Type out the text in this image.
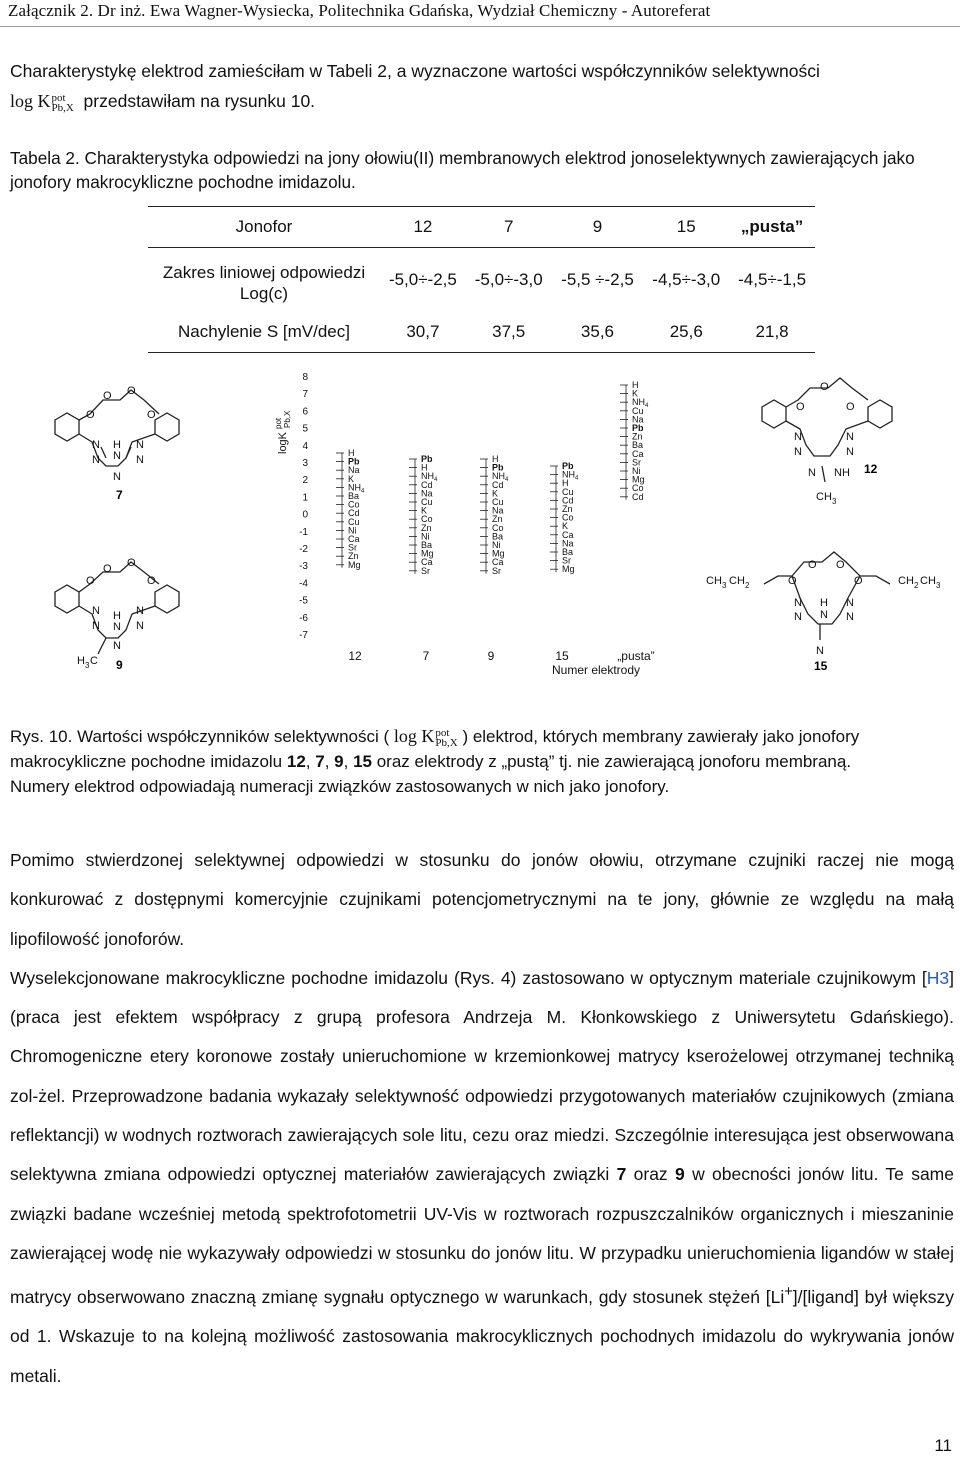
Załącznik 2. Dr inż. Ewa Wagner-Wysiecka, Politechnika Gdańska, Wydział Chemiczny - Autoreferat
Charakterystykę elektrod zamieściłam w Tabeli 2, a wyznaczone wartości współczynników selektywności
log K pot
Pb,X przedstawiłam na rysunku 10.
Tabela 2. Charakterystyka odpowiedzi na jony ołowiu(II) membranowych elektrod jonoselektywnych zawierających jako jonofory makrocykliczne pochodne imidazolu.
Jonofor	12	7	9	15	„pusta”

Zakres liniowej odpowiedzi
Log(c)	-5,0÷-2,5	-5,0÷-3,0	-5,5 ÷-2,5	-4,5÷-3,0	-4,5÷-1,5
Nachylenie S [mV/dec]	30,7	37,5	35,6	25,6	21,8
O
O
O
O
N
N
H
N
N
N
N
7
O
O O
O
N
N
H
N
N
N
N
H 3 C 9
O
O
O
N
N
N
N
N NH
CH 3
12
CH 3 CH 2	O
O O
O	CH 2 CH 3
N
N
H
N
N
N
N
15
8
7
6
5
4
3
2
1
0
-1
-2
-3
-4
-5
-6
-7
logK$^{pot}$ Pb,X
H
Pb
Na
K
$NH_4$
Ba
Co
Cd
Cu
Ni
Ca
Sr
Zn
Mg
Pb
H
$NH_4$
Cd
Na
Cu
K
Co
Zn
Ni
Ba
Mg
Ca
Sr
H
Pb
$NH_4$
Cd
K
Cu
Na
Zn
Co
Ba
Ni
Mg
Ca
Sr
Pb
$NH_4$
H
Cu
Cd
Zn
Co
K
Ca
Na
Ba
Sr
Mg
H
K
$NH_4$
Cu
Na
Pb
Zn
Ba
Ca
Sr
Ni
Mg
Co
Cd
12	7	9	15	„pusta”
Numer elektrody
Rys. 10. Wartości współczynników selektywności ( log K pot
Pb,X ) elektrod, których membrany zawierały jako jonofory
makrocykliczne pochodne imidazolu 12, 7, 9, 15 oraz elektrody z „pustą” tj. nie zawierającą jonoforu membraną.
Numery elektrod odpowiadają numeracji związków zastosowanych w nich jako jonofory.

Pomimo stwierdzonej selektywnej odpowiedzi w stosunku do jonów ołowiu, otrzymane czujniki raczej nie mogą konkurować z dostępnymi komercyjnie czujnikami potencjometrycznymi na te jony, głównie ze względu na małą lipofilowość jonoforów.

Wyselekcjonowane makrocykliczne pochodne imidazolu (Rys. 4) zastosowano w optycznym materiale czujnikowym [H3] (praca jest efektem współpracy z grupą profesora Andrzeja M. Kłonkowskiego z Uniwersytetu Gdańskiego). Chromogeniczne etery koronowe zostały unieruchomione w krzemionkowej matrycy kserożelowej otrzymanej techniką zol-żel. Przeprowadzone badania wykazały selektywność odpowiedzi przygotowanych materiałów czujnikowych (zmiana reflektancji) w wodnych roztworach zawierających sole litu, cezu oraz miedzi. Szczególnie interesująca jest obserwowana selektywna zmiana odpowiedzi optycznej materiałów zawierających związki 7 oraz 9 w obecności jonów litu. Te same związki badane wcześniej metodą spektrofotometrii UV-Vis w roztworach rozpuszczalników organicznych i mieszaninie zawierającej wodę nie wykazywały odpowiedzi w stosunku do jonów litu. W przypadku unieruchomienia ligandów w stałej matrycy obserwowano znaczną zmianę sygnału optycznego w warunkach, gdy stosunek stężeń [Li+]/[ligand] był większy od 1. Wskazuje to na kolejną możliwość zastosowania makrocyklicznych pochodnych imidazolu do wykrywania jonów metali.

11
